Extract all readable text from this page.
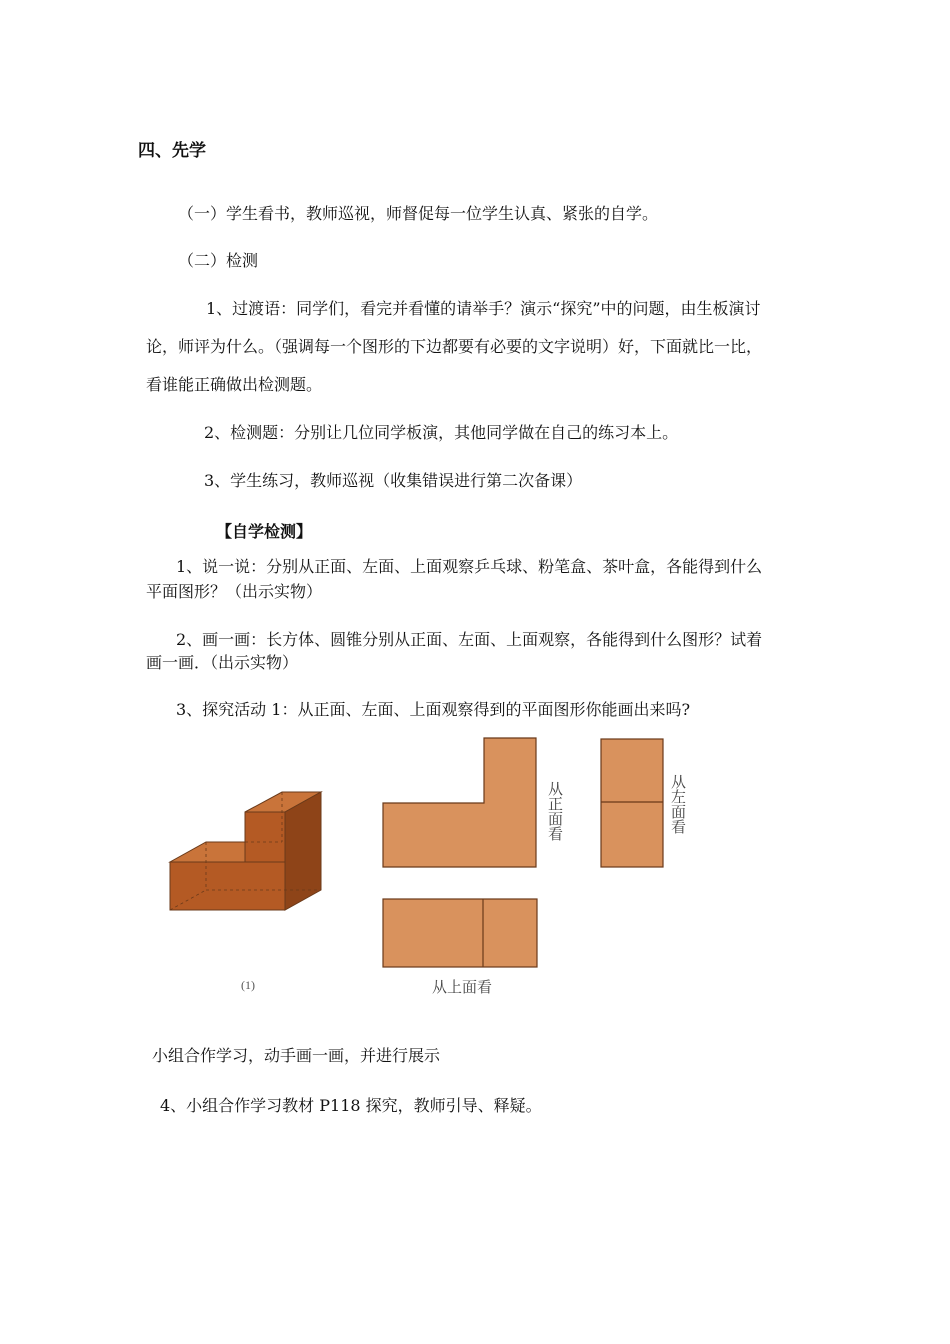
四、先学
（一）学生看书，教师巡视，师督促每一位学生认真、紧张的自学。
（二）检测
1、过渡语：同学们，看完并看懂的请举手？演示“探究”中的问题，由生板演讨
论，师评为什么。（强调每一个图形的下边都要有必要的文字说明）好，下面就比一比，
看谁能正确做出检测题。
2、检测题：分别让几位同学板演，其他同学做在自己的练习本上。
3、学生练习，教师巡视（收集错误进行第二次备课）
【自学检测】
1、说一说：分别从正面、左面、上面观察乒乓球、粉笔盒、茶叶盒，各能得到什么
平面图形？（出示实物）
2、画一画：长方体、圆锥分别从正面、左面、上面观察，各能得到什么图形？试着
画一画．（出示实物）
3、探究活动 1：从正面、左面、上面观察得到的平面图形你能画出来吗?
(1)
从正面看	从左面看
从上面看
小组合作学习，动手画一画，并进行展示
4、小组合作学习教材 P118 探究，教师引导、释疑。
